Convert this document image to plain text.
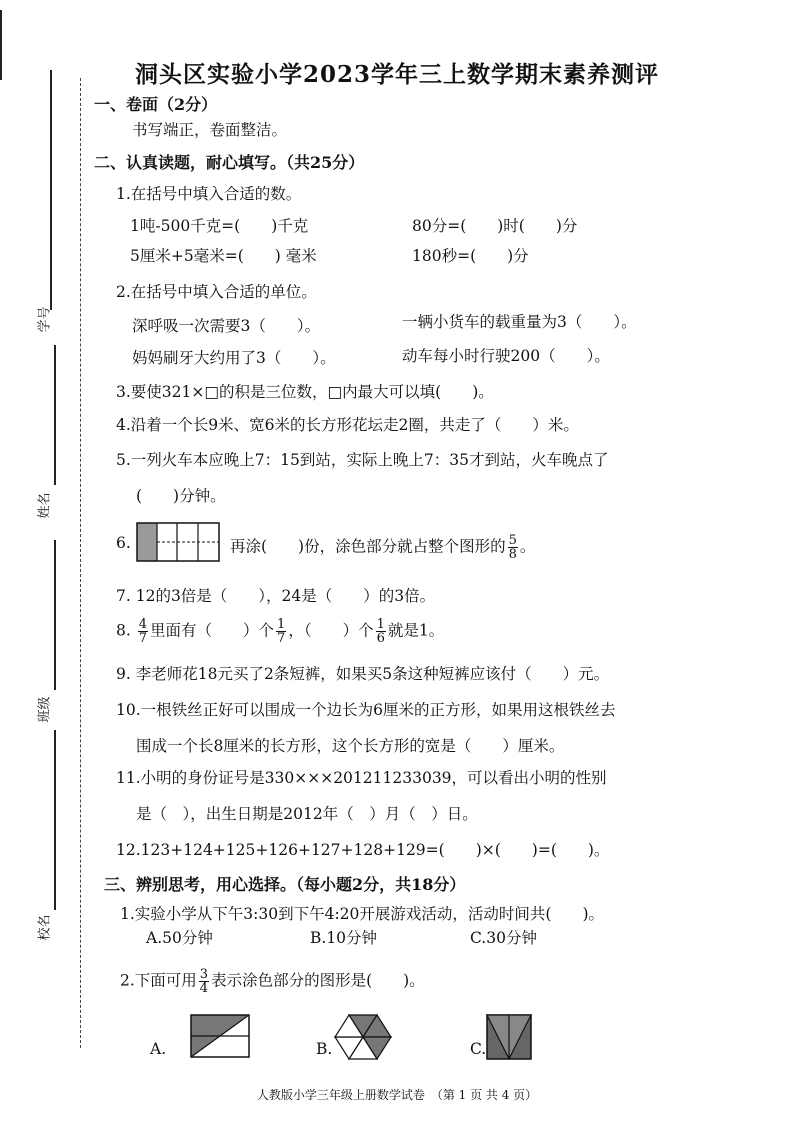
学号
姓名
班级
校名
洞头区实验小学2023学年三上数学期末素养测评
一、卷面（2分）
书写端正，卷面整洁。
二、认真读题，耐心填写。（共25分）
1.在括号中填入合适的数。
1吨-500千克=(　　)千克	80分=(　　)时(　　)分
5厘米+5毫米=(　　) 毫米	180秒=(　　)分
2.在括号中填入合适的单位。
深呼吸一次需要3（　　）。	一辆小货车的载重量为3（　　）。
妈妈刷牙大约用了3（　　）。	动车每小时行驶200（　　）。
3.要使321×□的积是三位数，□内最大可以填(　　)。
4.沿着一个长9米、宽6米的长方形花坛走2圈，共走了（　　）米。
5.一列火车本应晚上7：15到站，实际上晚上7：35才到站，火车晚点了
(　　)分钟。
6.	再涂(　　)份，涂色部分就占整个图形的 $\frac{5}{8}$ 。
7. 12的3倍是（　　），24是（　　）的3倍。
8. $\frac{4}{7}$ 里面有（　　）个 $\frac{1}{7}$ ，（　　）个 $\frac{1}{6}$ 就是1。
9. 李老师花18元买了2条短裤，如果买5条这种短裤应该付（　　）元。
10.一根铁丝正好可以围成一个边长为6厘米的正方形，如果用这根铁丝去
围成一个长8厘米的长方形，这个长方形的宽是（　　）厘米。
11.小明的身份证号是330×××201211233039，可以看出小明的性别
是（　），出生日期是2012年（　）月（　）日。
12.123+124+125+126+127+128+129=(　　)×(　　)=(　　)。
三、辨别思考，用心选择。（每小题2分，共18分）
1.实验小学从下午3:30到下午4:20开展游戏活动，活动时间共(　　)。
A.50分钟	B.10分钟	C.30分钟
2.下面可用 $\frac{3}{4}$ 表示涂色部分的图形是(　　)。
A.	B.	C.
人教版小学三年级上册数学试卷　（第 1 页 共 4 页）
